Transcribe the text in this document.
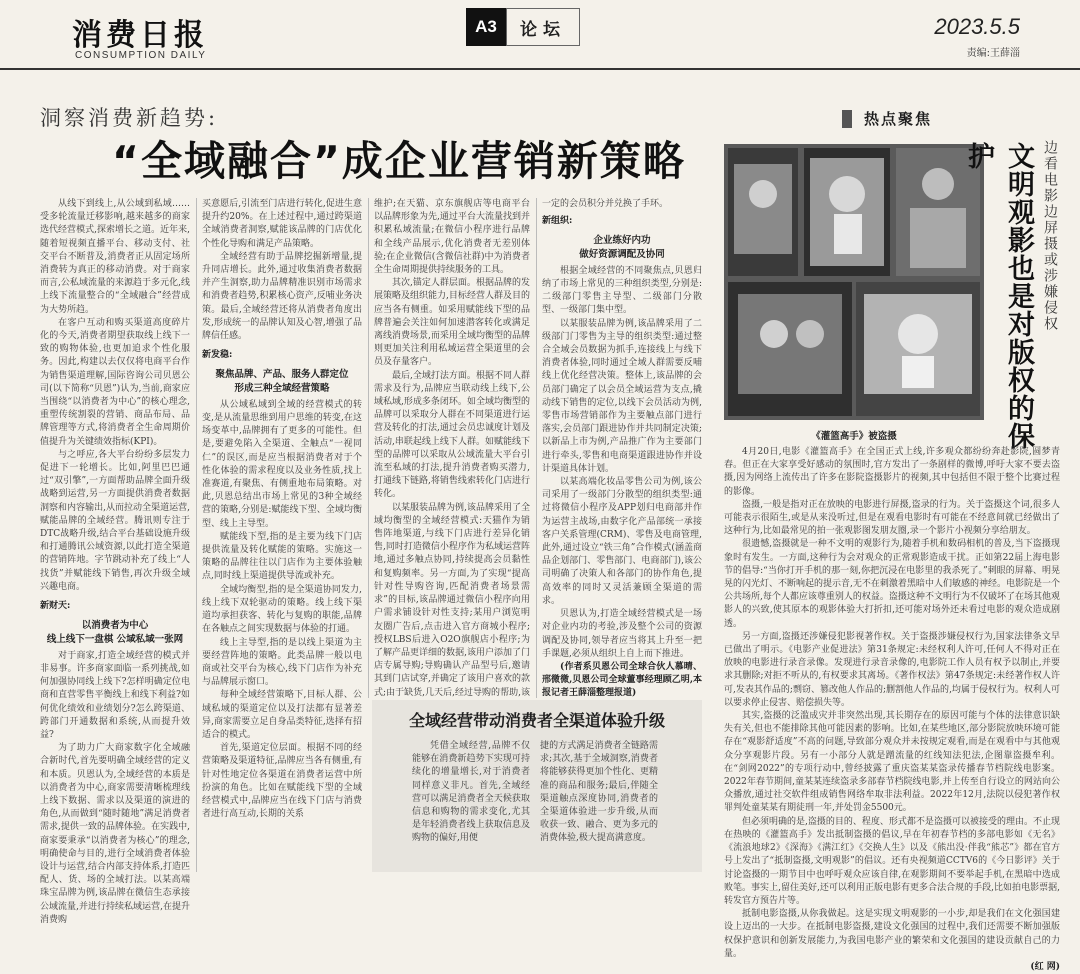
消费日报
CONSUMPTION DAILY
A3	论坛	2023.5.5
责编:王薛淄
洞察消费新趋势:
“全域融合”成企业营销新策略

从线下到线上,从公域到私域……受多轮流量迁移影响,越来越多的商家选代经营模式,探索增长之道。近年来,随着短视频直播平台、移动支付、社交平台不断普及,消费者正从固定场所消费转为真正的移动消费。对于商家而言,公私域流量的来源趋于多元化,线上线下流量整合的“全域融合”经营成为大势所趋。

在客户互动和购买渠道高度碎片化的今天,消费者期望获取线上线下一致的购物体验,也更加追求个性化服务。因此,构建以去仅仅将电商平台作为销售渠道理解,国际咨询公司贝恩公司(以下简称“贝恩”)认为,当前,商家应当围绕“以消费者为中心”的核心理念,重塑传统割裂的营销、商品布局、品牌管理等方式,将消费者全生命周期价值提升为关键绩效指标(KPI)。

与之呼应,各大平台纷纷多层发力促进下一轮增长。比如,阿里巴巴通过“双引擎”,一方面帮助品牌全面升级战略到运营,另一方面提供消费者数据洞察和内容输出,从而拉动全渠道运营,赋能品牌的全域经营。腾讯则专注于DTC战略升级,结合平台基础设施升级和打通腾讯公域资源,以此打造全渠道的营销阵地。字节跳动补充了线上“人找货”并赋能线下销售,再次升级全域兴趣电商。

新财天:

以消费者为中心
线上线下一盘棋 公域私域一张网

对于商家,打造全域经营的模式并非易事。许多商家面临一系列挑战,如何加强协同线上线下?怎样明确定位电商和直营零售平衡线上和线下利益?如何优化绩效和业绩划分?怎么跨渠道、跨部门开通数据和系统,从而提升效益?

为了助力广大商家数字化全域融合新时代,首先要明确全域经营的定义和本质。贝恩认为,全域经营的本质是以消费者为中心,商家需要清晰梳理线上线下数据、需求以及渠道的演进的角色,从而做到“随时随地”满足消费者需求,提供一致的品牌体验。在实践中,商家要秉承“以消费者为核心”的理念,明确使命与目的,进行全域消费者体验设计与运营,结合内部支持体系,打造匹配人、货、场的全域打法。以某高端珠宝品牌为例,该品牌在微信生态承接公域流量,并进行持续私域运营,在提升消费购

买意愿后,引流至门店进行转化,促进生意提升约20%。在上述过程中,通过跨渠道全域消费者洞察,赋能该品牌的门店优化个性化导购和满足产品策略。

全域经营有助于品牌挖掘新增量,提升同店增长。此外,通过收集消费者数据并产生洞察,助力品牌精准识别市场需求和消费者趋势,积累核心资产,反哺业务决策。最后,全域经营还将从消费者角度出发,形成统一的品牌认知及心智,增强了品牌信任感。

新发稳:

聚焦品牌、产品、服务人群定位
形成三种全域经营策略

从公域私域到全域的经营模式的转变,是从流量思维到用户思维的转变,在这场变革中,品牌拥有了更多的可能性。但是,要避免陷入全渠道、全触点“一视同仁”的误区,而是应当根据消费者对于个性化体验的需求程度以及业务性质,找上准赛道,有聚焦、有侧重地布局策略。对此,贝恩总结出市场上常见的3种全域经营的策略,分别是:赋能线下型、全域均衡型、线上主导型。

赋能线下型,指的是主要为线下门店提供流量及转化赋能的策略。实施这一策略的品牌往往以门店作为主要体验触点,同时线上渠道提供导流或补充。

全域均衡型,指的是全渠道协同发力,线上线下双轮驱动的策略。线上线下渠道均承担获客、转化与复购的职能,品牌在各触点之间实现数据与体验的打通。

线上主导型,指的是以线上渠道为主要经营阵地的策略。此类品牌一般以电商或社交平台为核心,线下门店作为补充与品牌展示窗口。

每种全域经营策略下,目标人群、公域私域的渠道定位以及打法都有显著差异,商家需要立足自身品类特征,选择有招适合的模式。

首先,渠道定位层面。根据不同的经营策略及渠道特征,品牌应当各有侧重,有针对性地定位各渠道在消费者运营中所扮演的角色。比如在赋能线下型的全域经营模式中,品牌应当在线下门店与消费者进行高互动,长期的关系

维护;在天猫、京东旗舰店等电商平台以品牌形象为先,通过平台大流量找到并积累私域流量;在微信小程序进行品牌和全线产品展示,优化消费者无差别体验;在企业微信(含微信社群)中为消费者全生命周期提供持续服务的工具。

其次,锚定人群层面。根据品牌的发展策略及组织能力,目标经营人群及目的应当各有侧重。如采用赋能线下型的品牌普遍会关注如何加速潜客转化或满足离线消费场景,而采用全域均衡型的品牌则更加关注利用私域运营全渠道里的会员及存量客户。

最后,全域打法方面。根据不同人群需求及行为,品牌应当联动线上线下,公域私域,形成多条闭环。如全域均衡型的品牌可以采取分人群在不同渠道进行运营及转化的打法,通过会员忠诚度计划及活动,串联起线上线下人群。如赋能线下型的品牌可以采取从公域流量大平台引流至私域的打法,提升消费者购买潜力,打通线下链路,将销售线索转化门店进行转化。

以某服装品牌为例,该品牌采用了全域均衡型的全域经营模式:天猫作为销售阵地渠道,与线下门店进行差异化销售,同时打造微信小程序作为私域运营阵地,通过多触点协同,持续提高会员黏性和复购频率。另一方面,为了实现“提高针对性导购咨询,匹配消费者场景需求”的目标,该品牌通过微信小程序向用户需求铺设针对性支持;某用户浏览明友圈广告后,点击进入官方商城小程序;授权LBS后进入O2O旗舰店小程序;为了解产品更详细的数据,该用户添加了门店专属导购;导购确认产品型号后,邀请其到门店试穿,并确定了该用户喜欢的款式;由于缺货,几天后,经过导购的帮助,该

一定的会员积分并兑换了手环。

新组织:

企业练好内功
做好资源调配及协同

根据全域经营的不同聚焦点,贝恩归纳了市场上常见的三种组织类型,分别是:二级部门零售主导型、二级部门分散型、一级部门集中型。

以某服装品牌为例,该品牌采用了二级部门门零售为主导的组织类型:通过整合全域会员数据为抓手,连接线上与线下消费者体验,同时通过全域人群需要反哺线上优化经营决策。整体上,该品牌的会员部门确定了以会员全域运营为支点,撬动线下销售的定位,以线下会员活动为例,零售市场营销部作为主要触点部门进行落实,会员部门跟进协作并共同制定决策;以新品上市为例,产品推广作为主要部门进行牵头,零售和电商渠道跟进协作并设计渠道具体计划。

以某高端化妆品零售公司为例,该公司采用了一级部门分散型的组织类型:通过将微信小程序及APP划归电商部并作为运营主战场,由数字化产品部统一承接客户关系管理(CRM)、零售及电商管理,此外,通过设立“铁三角”合作模式(涵盖商品企划部门、零售部门、电商部门),该公司明确了决策人和各部门的协作角色,提高效率的同时又灵活兼顾全渠道的需求。

贝恩认为,打造全域经营模式是一场对企业内功的考验,涉及整个公司的资源调配及协同,领导者应当将其上升至一把手课题,必须从组织上自上而下推进。

(作者系贝恩公司全球合伙人慕晴、邢微微,贝恩公司全球董事经理顾乙明,本报记者王薛淄整理报道)

全域经营带动消费者全渠道体验升级
凭借全域经营,品牌不仅能够在消费新趋势下实现可持续化的增量增长,对于消费者同样意义非凡。首先,全域经营可以满足消费者全天候获取信息和购物的需求变化,尤其是年轻消费者线上获取信息及购物的偏好,用便
捷的方式满足消费者全链路需求;其次,基于全域洞察,消费者将能够获得更加个性化、更精准的商品和服务;最后,伴随全渠道触点深度协同,消费者的全渠道体验进一步升级,从而收获一致、融合、更为多元的消费体验,极大提高满意度。
热点聚焦
《灌篮高手》被盗摄	文明观影也是对版权的保护	边看电影边屏摄或涉嫌侵权

4月20日,电影《灌篮高手》在全国正式上线,许多观众都纷纷奔赴影院,圆梦青春。但正在大家享受好感动的氛围时,官方发出了一条剧样的微博,呼吁大家不要去盗摄,因为网络上流传出了许多在影院盗摄影片的视频,其中包括但不限于整个比赛过程的影像。

盗摄,一般是指对正在放映的电影进行屏摄,盗录的行为。关于盗摄这个词,很多人可能表示很陌生,或是从来没听过,但是在观看电影时有可能在不经意间就已经做出了这种行为,比如最常见的拍一张观影图发朋友圈,录一个影片小视频分享给朋友。

很遗憾,盗摄就是一种不文明的观影行为,随着手机和数码相机的普及,当下盗摄现象时有发生。一方面,这种行为会对观众的正常观影造成干扰。正如第22届上海电影节的倡导:“当你打开手机的那一刻,你把沉浸在电影里的我杀死了。”刺眼的屏幕、明晃晃的闪光灯、不断响起的提示音,无不在刺激着黑暗中人们敏感的神经。电影院是一个公共场所,每个人都应该尊重别人的权益。盗摄这种不文明行为不仅破坏了在场其他观影人的兴致,使其原本的观影体验大打折扣,还可能对场外还未看过电影的观众造成剧透。

另一方面,盗摄还涉嫌侵犯影视著作权。关于盗摄涉嫌侵权行为,国家法律条文早已做出了明示。《电影产业促进法》第31条规定:未经权利人许可,任何人不得对正在放映的电影进行录音录像。发现进行录音录像的,电影院工作人员有权予以制止,并要求其删除;对拒不听从的,有权要求其离场。《著作权法》第47条规定:未经著作权人许可,发表其作品的;剽窃、篡改他人作品的;删割他人作品的,均属于侵权行为。权利人可以要求停止侵害、赔偿损失等。

其实,盗摄的泛滥成灾并非突然出现,其长期存在的原因可能与个体的法律意识缺失有关,但也不能排除其他可能因素的影响。比如,在某些地区,部分影院放映环境可能存在“观影舒适度”不高的问题,导致部分观众并未按规定观看,而是在观看中与其他观众分享观影片段。另有一小部分人就是蹭流量的红线知法犯法,企图靠盗摄牟利。在“剑网2022”的专项行动中,曾经披露了重庆盗某某盗录传播春节档院线电影案。2022年春节期间,童某某连续盗录多部春节档院线电影,并上传至自行设立的网站向公众播放,通过社交软件组成销售网络牟取非法利益。2022年12月,法院以侵犯著作权罪判处童某某有期徒刑一年,并处罚金5500元。

但必须明确的是,盗摄的目的、程度、形式都不是盗摄可以被接受的理由。不止现在热映的《灌篮高手》发出抵制盗摄的倡议,早在年初春节档的多部电影如《无名》《流浪地球2》《深海》《满江红》《交换人生》以及《熊出没·伴我“熊芯”》都在官方号上发出了“抵制盗摄,文明观影”的倡议。还有央视频道CCTV6的《今日影评》关于讨论盗摄的一期节目中也呼吁观众应该自律,在观影期间不要举起手机,在黑暗中选成败笔。事实上,留住美好,还可以利用正版电影有更多合法合规的手段,比如拍电影票据,转发官方预告片等。

抵制电影盗摄,从你我做起。这是实现文明观影的一小步,却是我们在文化强国建设上迈出的一大步。在抵制电影盗摄,建设文化强国的过程中,我们还需要不断加强版权保护意识和创新发展能力,为我国电影产业的繁荣和文化强国的建设贡献自己的力量。

(红 网)
